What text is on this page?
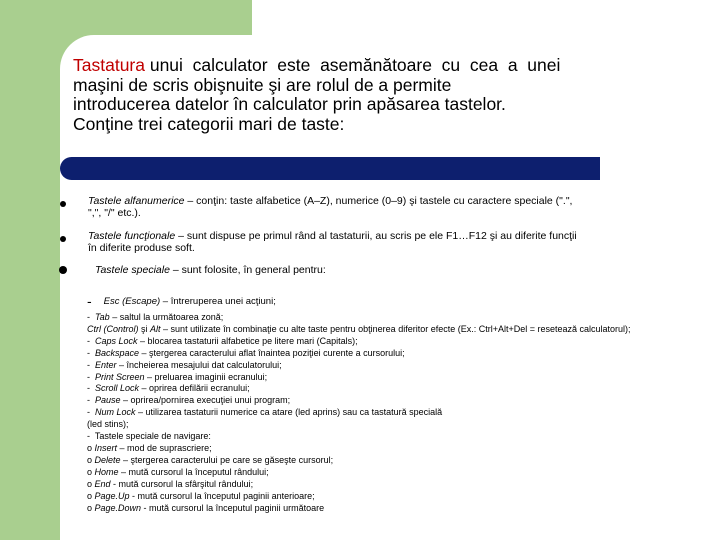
Tastatura unui  calculator  este  asemănătoare  cu  cea  a  unei
maşini de scris obişnuite şi are rolul de a permite
introducerea datelor în calculator prin apăsarea tastelor.
Conţine trei categorii mari de taste:
Tastele alfanumerice – conţin: taste alfabetice (A–Z), numerice (0–9) şi tastele cu caractere speciale (".",
",", "/" etc.).
Tastele funcţionale – sunt dispuse pe primul rând al tastaturii, au scris pe ele F1…F12 şi au diferite funcţii
în diferite produse soft.
Tastele speciale – sunt folosite, în general pentru:
- Esc (Escape) – întreruperea unei acţiuni;
-  Tab – saltul la următoarea zonă;
Ctrl (Control) şi Alt – sunt utilizate în combinaţie cu alte taste pentru obţinerea diferitor efecte (Ex.: Ctrl+Alt+Del = resetează calculatorul);
-  Caps Lock – blocarea tastaturii alfabetice pe litere mari (Capitals);
-  Backspace – ştergerea caracterului aflat înaintea poziţiei curente a cursorului;
-  Enter – încheierea mesajului dat calculatorului;
-  Print Screen – preluarea imaginii ecranului;
-  Scroll Lock – oprirea defilării ecranului;
-  Pause – oprirea/pornirea execuţiei unui program;
-  Num Lock – utilizarea tastaturii numerice ca atare (led aprins) sau ca tastatură specială
(led stins);
-  Tastele speciale de navigare:
o Insert – mod de suprascriere;
o Delete – ştergerea caracterului pe care se găseşte cursorul;
o Home – mută cursorul la începutul rândului;
o End - mută cursorul la sfârşitul rândului;
o Page.Up - mută cursorul la începutul paginii anterioare;
o Page.Down - mută cursorul la începutul paginii următoare
